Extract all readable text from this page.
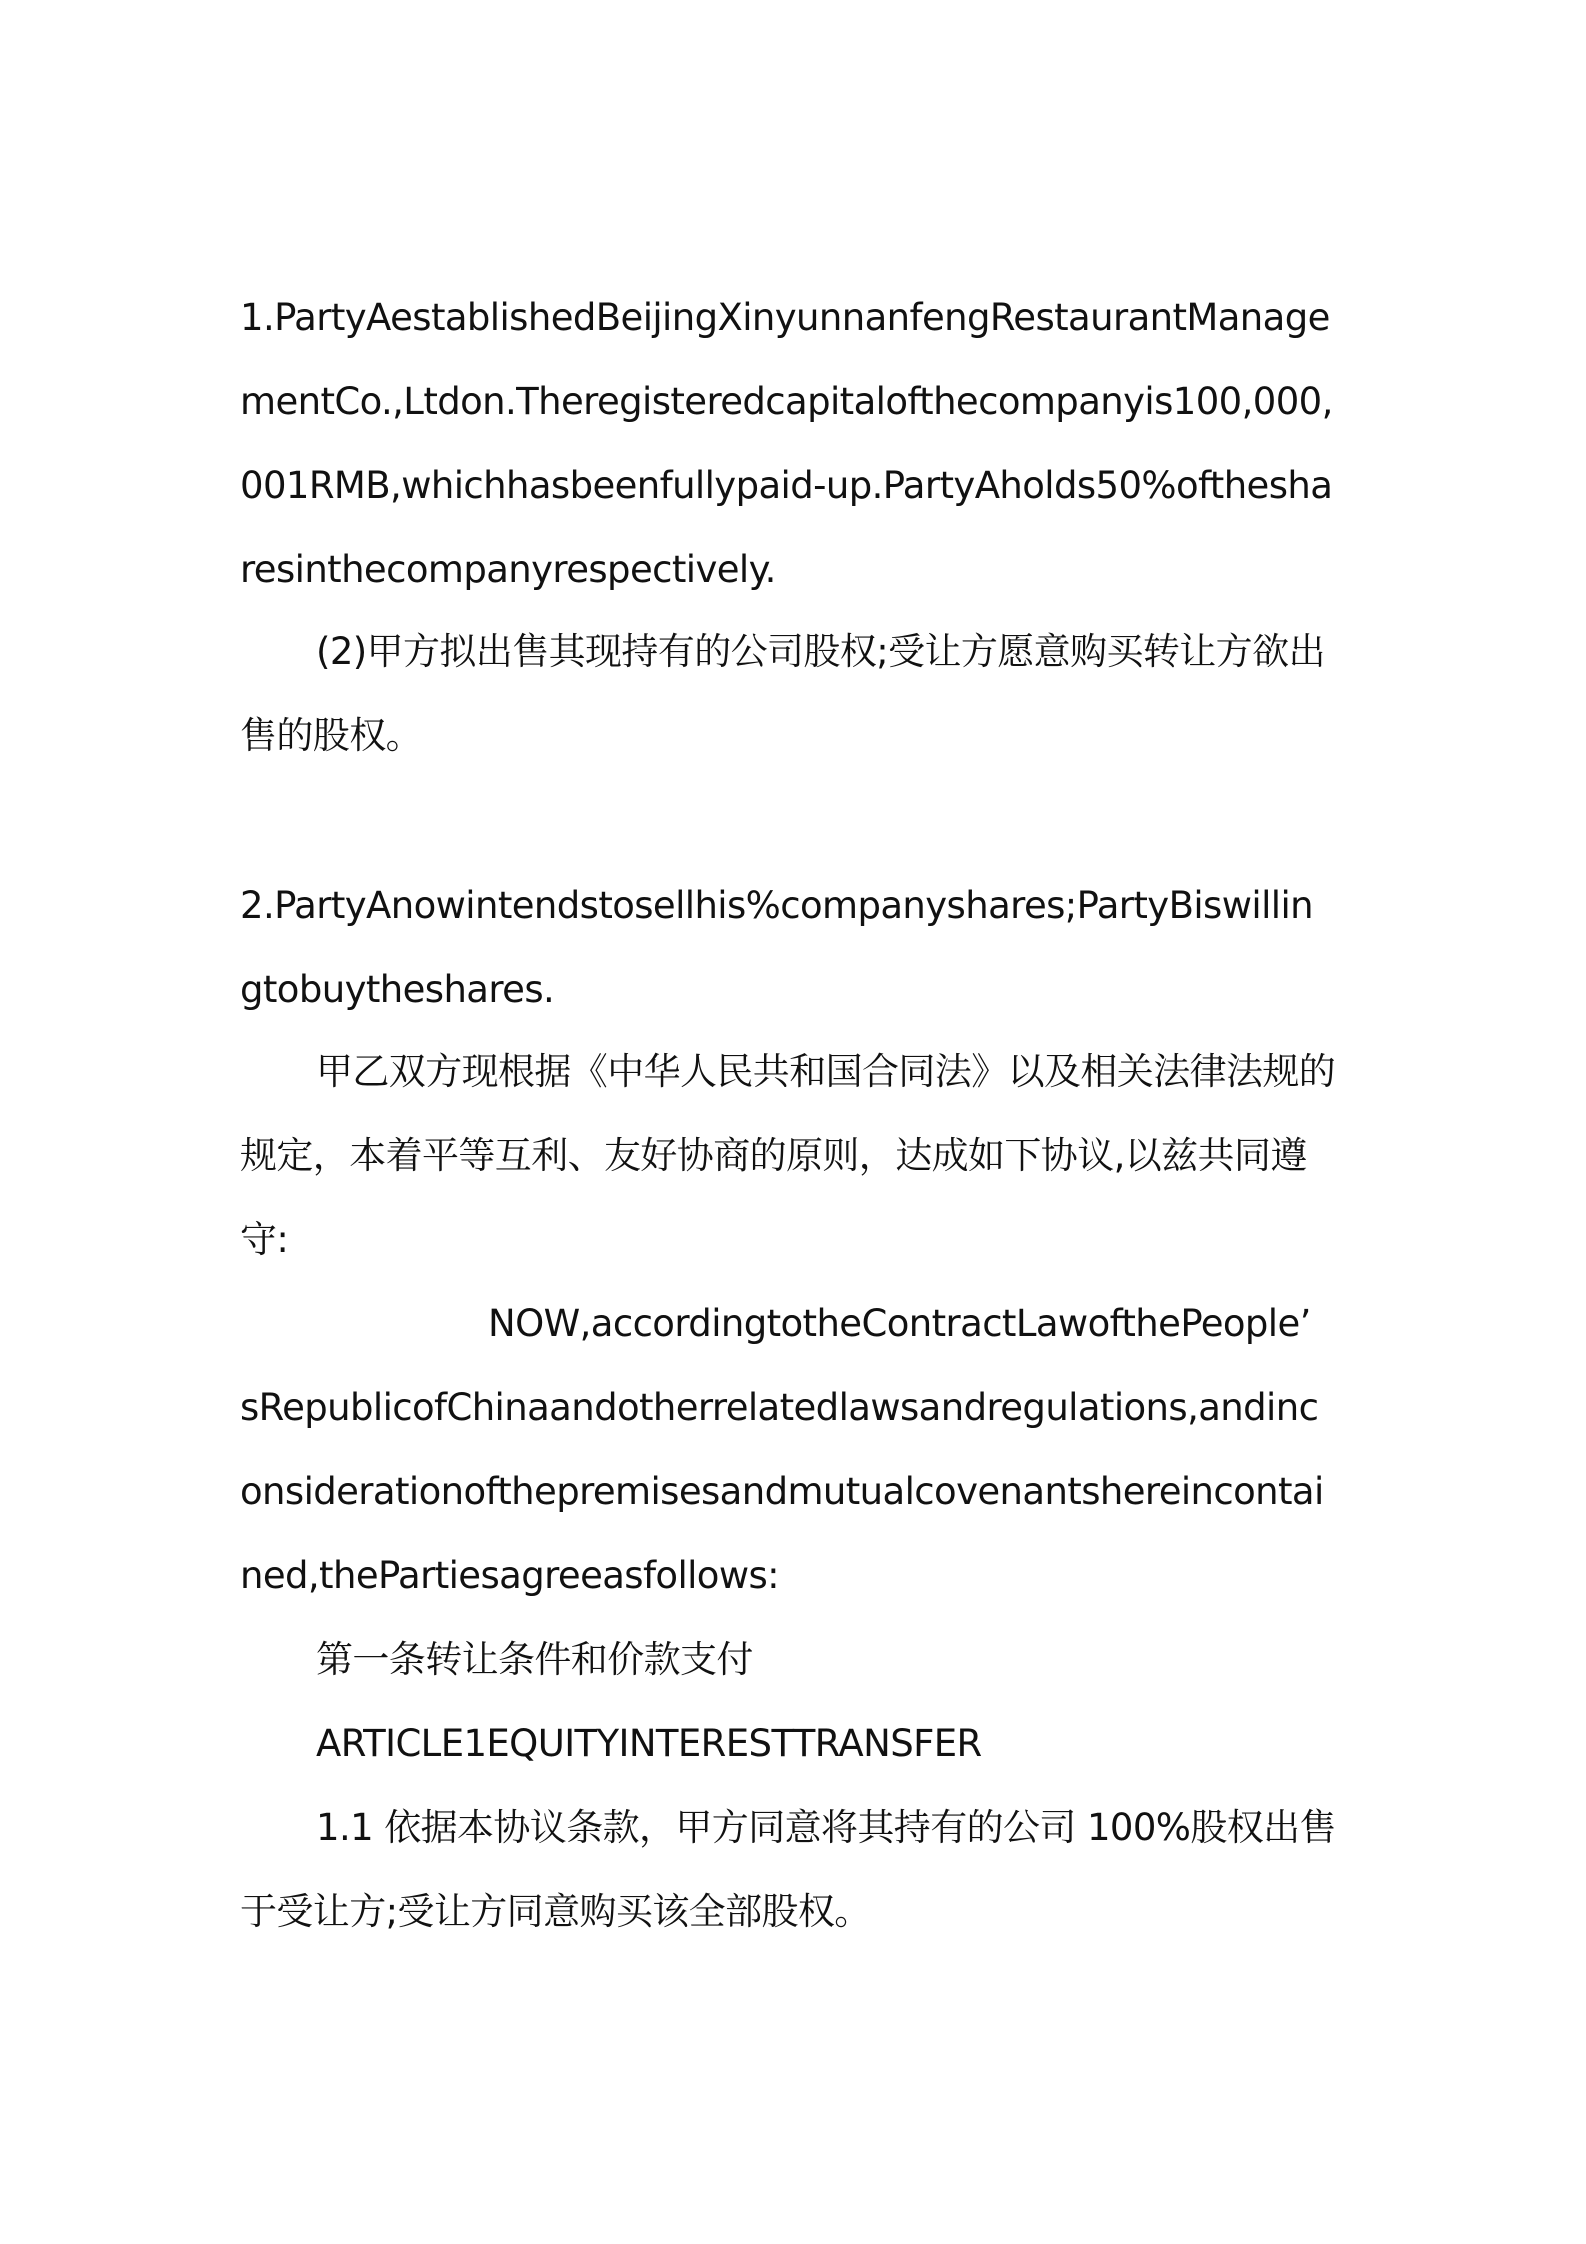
1.PartyAestablishedBeijingXinyunnanfengRestaurantManage
mentCo.,Ltdon.Theregisteredcapitalofthecompanyis100,000,
001RMB,whichhasbeenfullypaid-up.PartyAholds50%ofthesha
resinthecompanyrespectively.
(2)甲方拟出售其现持有的公司股权;受让方愿意购买转让方欲出
售的股权。
2.PartyAnowintendstosellhis%companyshares;PartyBiswillin
gtobuytheshares.
甲乙双方现根据《中华人民共和国合同法》以及相关法律法规的
规定，本着平等互利、友好协商的原则，达成如下协议,以兹共同遵
守:
NOW,accordingtotheContractLawofthePeople’
sRepublicofChinaandotherrelatedlawsandregulations,andinc
onsiderationofthepremisesandmutualcovenantshereincontai
ned,thePartiesagreeasfollows:
第一条转让条件和价款支付
ARTICLE1EQUITYINTERESTTRANSFER
1.1 依据本协议条款，甲方同意将其持有的公司 100%股权出售
于受让方;受让方同意购买该全部股权。
